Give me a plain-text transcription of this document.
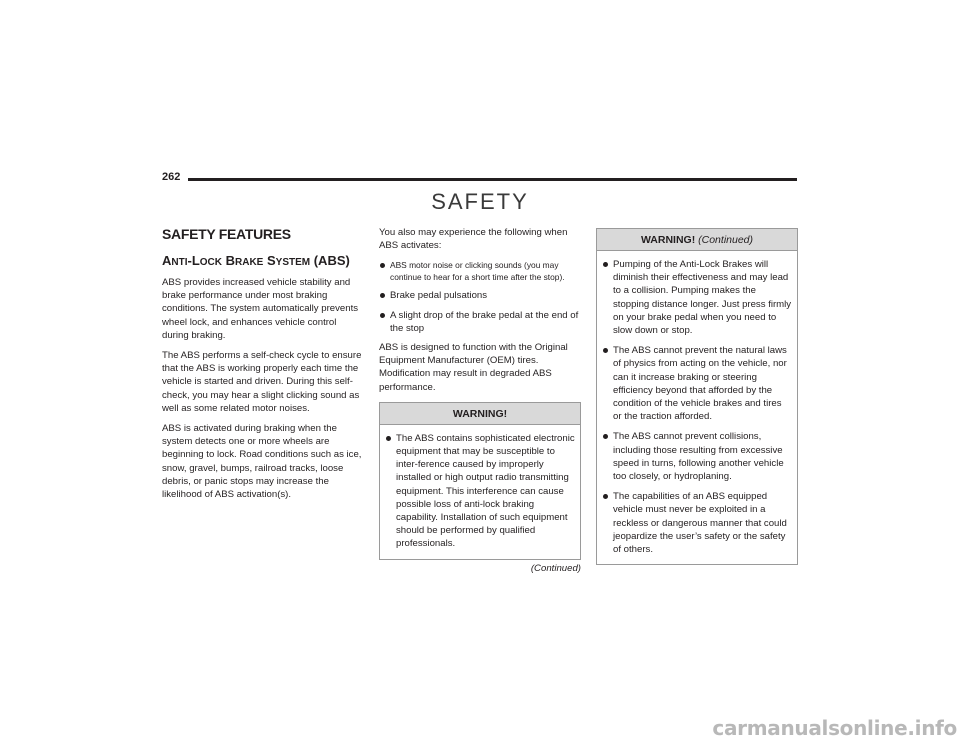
262
SAFETY
SAFETY FEATURES
ANTI-LOCK BRAKE SYSTEM (ABS)

ABS provides increased vehicle stability and brake performance under most braking conditions. The system automatically prevents wheel lock, and enhances vehicle control during braking.

The ABS performs a self-check cycle to ensure that the ABS is working properly each time the vehicle is started and driven. During this self-check, you may hear a slight clicking sound as well as some related motor noises.

ABS is activated during braking when the system detects one or more wheels are beginning to lock. Road conditions such as ice, snow, gravel, bumps, railroad tracks, loose debris, or panic stops may increase the likelihood of ABS activation(s).

You also may experience the following when ABS activates:

ABS motor noise or clicking sounds (you may continue to hear for a short time after the stop).
Brake pedal pulsations
A slight drop of the brake pedal at the end of the stop

ABS is designed to function with the Original Equipment Manufacturer (OEM) tires. Modification may result in degraded ABS performance.

WARNING!
The ABS contains sophisticated electronic equipment that may be susceptible to inter-ference caused by improperly installed or high output radio transmitting equipment. This interference can cause possible loss of anti-lock braking capability. Installation of such equipment should be performed by qualified professionals.
(Continued)
WARNING! (Continued)
Pumping of the Anti-Lock Brakes will diminish their effectiveness and may lead to a collision. Pumping makes the stopping distance longer. Just press firmly on your brake pedal when you need to slow down or stop.
The ABS cannot prevent the natural laws of physics from acting on the vehicle, nor can it increase braking or steering efficiency beyond that afforded by the condition of the vehicle brakes and tires or the traction afforded.
The ABS cannot prevent collisions, including those resulting from excessive speed in turns, following another vehicle too closely, or hydroplaning.
The capabilities of an ABS equipped vehicle must never be exploited in a reckless or dangerous manner that could jeopardize the user’s safety or the safety of others.
carmanualsonline.info
